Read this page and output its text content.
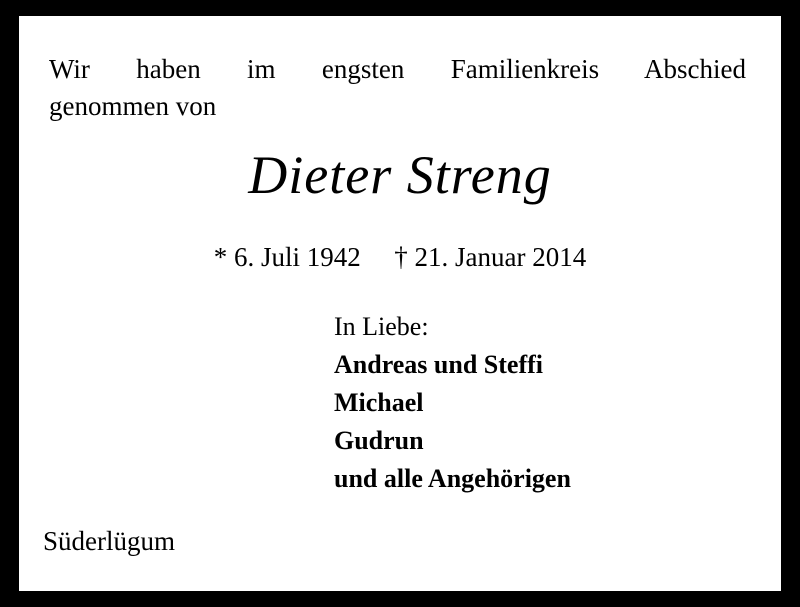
Wir haben im engsten Familienkreis Abschied
genommen von
Dieter Streng
* 6. Juli 1942 † 21. Januar 2014
In Liebe:
Andreas und Steffi
Michael
Gudrun
und alle Angehörigen
Süderlügum
